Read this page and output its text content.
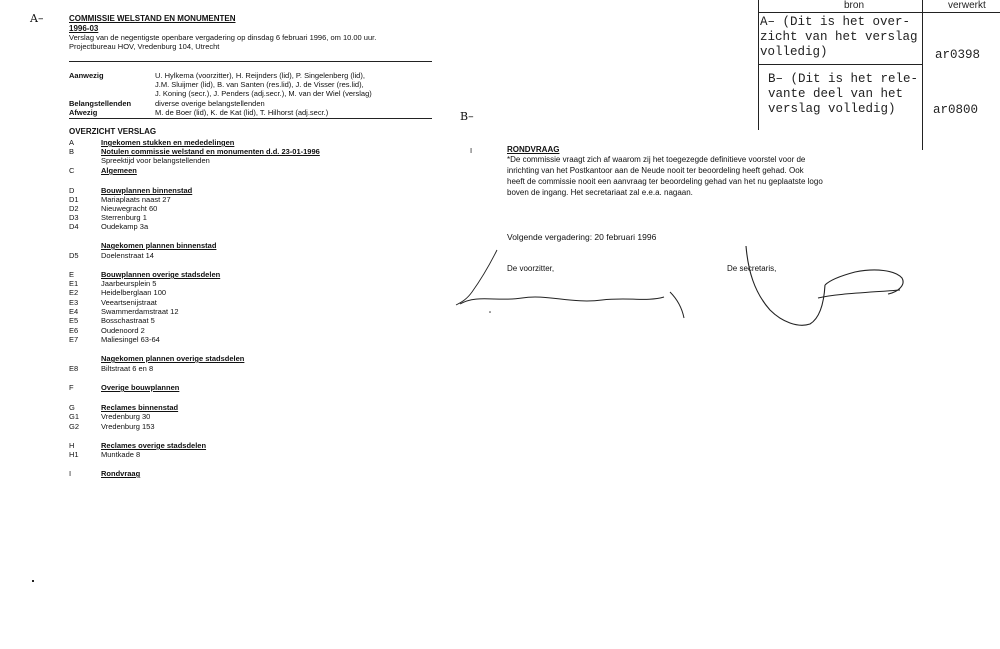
A–	COMMISSIE WELSTAND EN MONUMENTEN
1996-03
Verslag van de negentigste openbare vergadering op dinsdag 6 februari 1996, om 10.00 uur.
Projectbureau HOV, Vredenburg 104, Utrecht
Aanwezig	U. Hylkema (voorzitter), H. Reijnders (lid), P. Singelenberg (lid),
J.M. Sluijmer (lid), B. van Santen (res.lid), J. de Visser (res.lid),
J. Koning (secr.), J. Penders (adj.secr.), M. van der Wiel (verslag)
Belangstellenden	diverse overige belangstellenden
Afwezig	M. de Boer (lid), K. de Kat (lid), T. Hilhorst (adj.secr.)
OVERZICHT VERSLAG
A	Ingekomen stukken en mededelingen
B	Notulen commissie welstand en monumenten d.d. 23-01-1996
Spreektijd voor belangstellenden
C	Algemeen
D	Bouwplannen binnenstad
D1	Mariaplaats naast 27
D2	Nieuwegracht 60
D3	Sterrenburg 1
D4	Oudekamp 3a
Nagekomen plannen binnenstad
D5	Doelenstraat 14
E	Bouwplannen overige stadsdelen
E1	Jaarbeursplein 5
E2	Heidelberglaan 100
E3	Veeartsenijstraat
E4	Swammerdamstraat 12
E5	Bosschastraat 5
E6	Oudenoord 2
E7	Maliesingel 63-64
Nagekomen plannen overige stadsdelen
E8	Biltstraat 6 en 8
F	Overige bouwplannen
G	Reclames binnenstad
G1	Vredenburg 30
G2	Vredenburg 153
H	Reclames overige stadsdelen
H1	Muntkade 8
I	Rondvraag
B–
I	RONDVRAAG
*De commissie vraagt zich af waarom zij het toegezegde definitieve voorstel voor de
inrichting van het Postkantoor aan de Neude nooit ter beoordeling heeft gehad. Ook
heeft de commissie nooit een aanvraag ter beoordeling gehad van het nu geplaatste logo
boven de ingang. Het secretariaat zal e.e.a. nagaan.
Volgende vergadering: 20 februari 1996
De voorzitter,	De secretaris,
bron	verwerkt
A– (Dit is het over-
zicht van het verslag
volledig)	ar0398
B– (Dit is het rele-
vante deel van het
verslag volledig)	ar0800
